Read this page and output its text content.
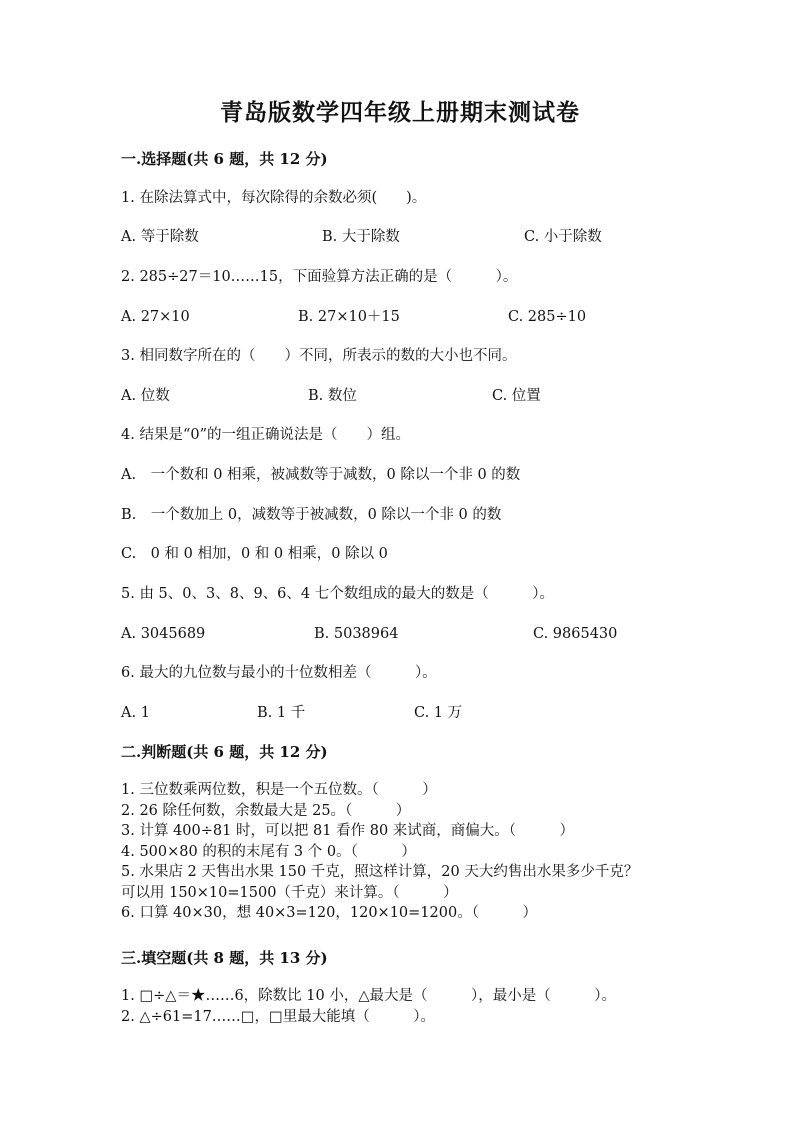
青岛版数学四年级上册期末测试卷
一.选择题(共 6 题，共 12 分)
1. 在除法算式中，每次除得的余数必须(　　)。
A. 等于除数	B. 大于除数	C. 小于除数
2. 285÷27＝10……15，下面验算方法正确的是（　　　）。
A. 27×10	B. 27×10＋15	C. 285÷10
3. 相同数字所在的（　　）不同，所表示的数的大小也不同。
A. 位数	B. 数位	C. 位置
4. 结果是“0”的一组正确说法是（　　）组。
A.　一个数和 0 相乘，被减数等于减数，0 除以一个非 0 的数
B.　一个数加上 0，减数等于被减数，0 除以一个非 0 的数
C.　0 和 0 相加，0 和 0 相乘，0 除以 0
5. 由 5、0、3、8、9、6、4 七个数组成的最大的数是（　　　）。
A. 3045689	B. 5038964	C. 9865430
6. 最大的九位数与最小的十位数相差（　　　）。
A. 1	B. 1 千	C. 1 万
二.判断题(共 6 题，共 12 分)
1. 三位数乘两位数，积是一个五位数。（　　　）
2. 26 除任何数，余数最大是 25。（　　　）
3. 计算 400÷81 时，可以把 81 看作 80 来试商，商偏大。（　　　）
4. 500×80 的积的末尾有 3 个 0。（　　　）
5. 水果店 2 天售出水果 150 千克，照这样计算，20 天大约售出水果多少千克？
可以用 150×10=1500（千克）来计算。（　　　）
6. 口算 40×30，想 40×3=120，120×10=1200。（　　　）
三.填空题(共 8 题，共 13 分)
1. □÷△＝★……6，除数比 10 小，△最大是（　　　），最小是（　　　）。
2. △÷61=17……□，□里最大能填（　　　）。
